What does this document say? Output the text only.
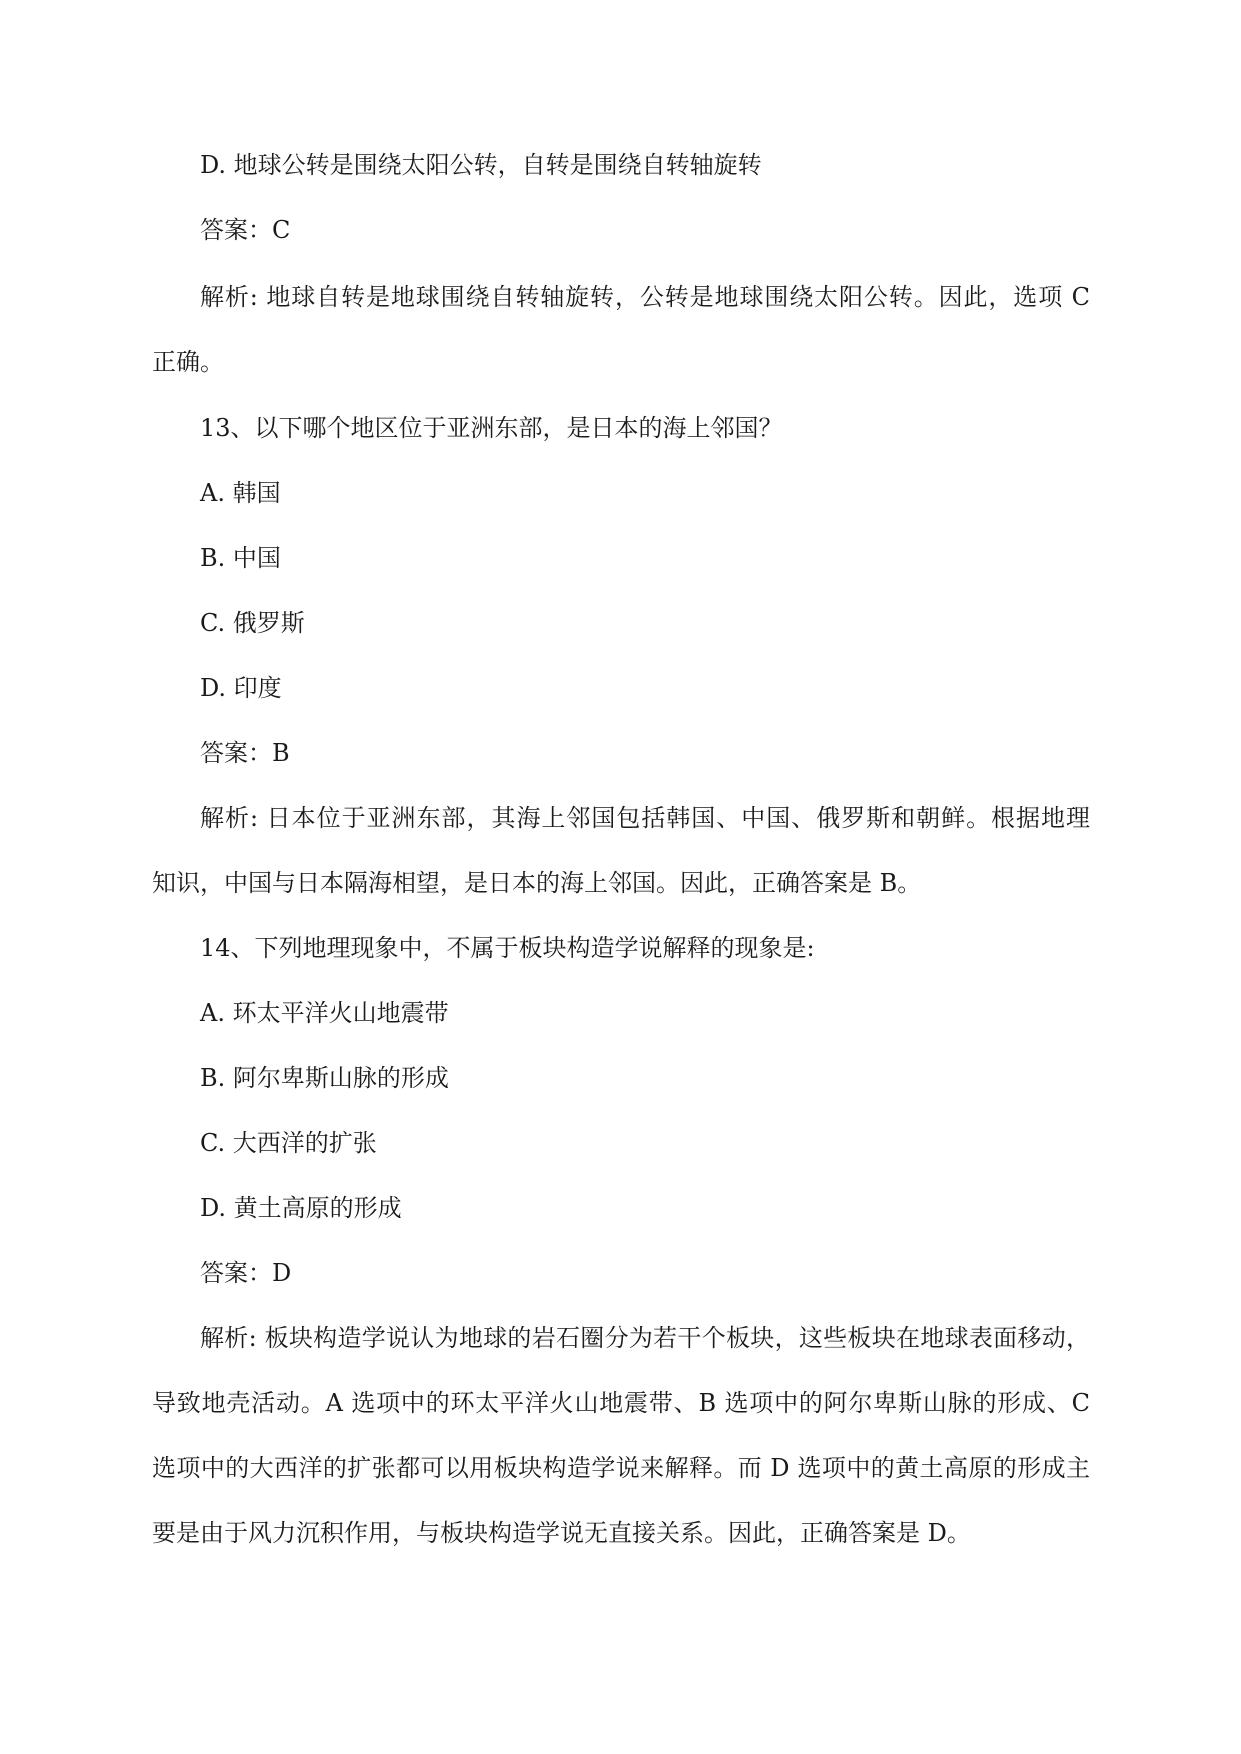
D. 地球公转是围绕太阳公转，自转是围绕自转轴旋转
答案：C
解析: 地球自转是地球围绕自转轴旋转，公转是地球围绕太阳公转。因此，选项 C
正确。
13、以下哪个地区位于亚洲东部，是日本的海上邻国？
A. 韩国
B. 中国
C. 俄罗斯
D. 印度
答案：B
解析: 日本位于亚洲东部，其海上邻国包括韩国、中国、俄罗斯和朝鲜。根据地理
知识，中国与日本隔海相望，是日本的海上邻国。因此，正确答案是 B。
14、下列地理现象中，不属于板块构造学说解释的现象是:
A. 环太平洋火山地震带
B. 阿尔卑斯山脉的形成
C. 大西洋的扩张
D. 黄土高原的形成
答案：D
解析: 板块构造学说认为地球的岩石圈分为若干个板块，这些板块在地球表面移动，
导致地壳活动。A 选项中的环太平洋火山地震带、B 选项中的阿尔卑斯山脉的形成、C
选项中的大西洋的扩张都可以用板块构造学说来解释。而 D 选项中的黄土高原的形成主
要是由于风力沉积作用，与板块构造学说无直接关系。因此，正确答案是 D。
